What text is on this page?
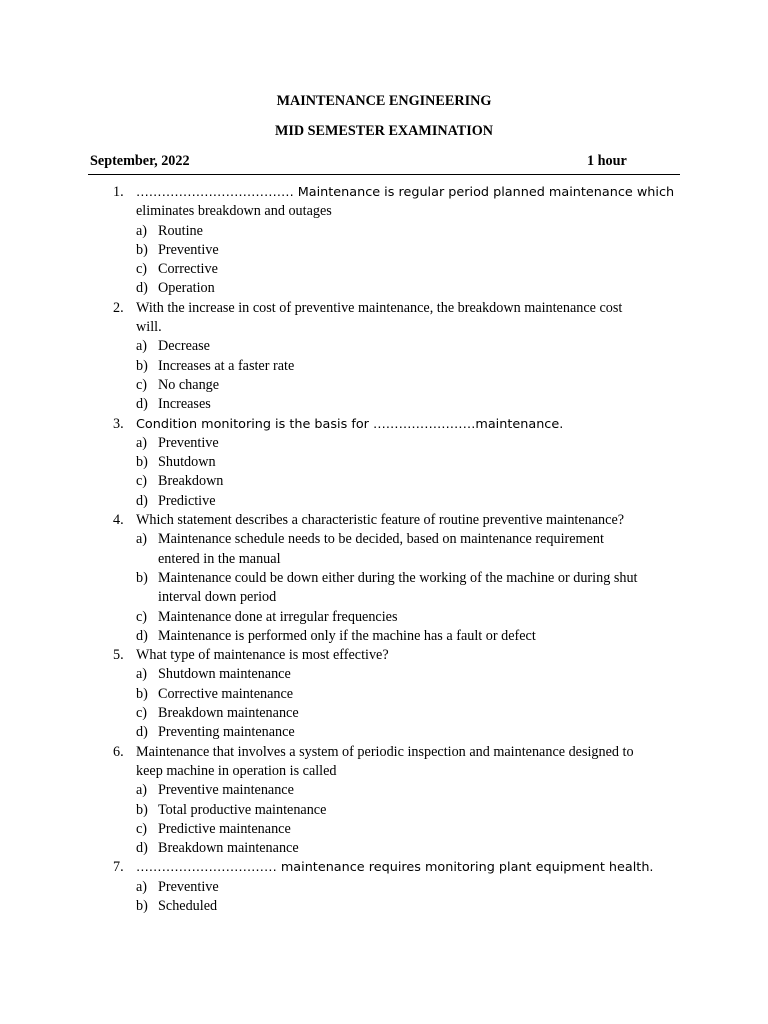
MAINTENANCE ENGINEERING
MID SEMESTER EXAMINATION
September, 2022	1 hour
1. ………………………………. Maintenance is regular period planned maintenance which
eliminates breakdown and outages
a) Routine
b) Preventive
c) Corrective
d) Operation
2. With the increase in cost of preventive maintenance, the breakdown maintenance cost
will.
a) Decrease
b) Increases at a faster rate
c) No change
d) Increases
3. Condition monitoring is the basis for ……………………maintenance.
a) Preventive
b) Shutdown
c) Breakdown
d) Predictive
4. Which statement describes a characteristic feature of routine preventive maintenance?
a) Maintenance schedule needs to be decided, based on maintenance requirement
entered in the manual
b) Maintenance could be down either during the working of the machine or during shut
interval down period
c) Maintenance done at irregular frequencies
d) Maintenance is performed only if the machine has a fault or defect
5. What type of maintenance is most effective?
a) Shutdown maintenance
b) Corrective maintenance
c) Breakdown maintenance
d) Preventing maintenance
6. Maintenance that involves a system of periodic inspection and maintenance designed to
keep machine in operation is called
a) Preventive maintenance
b) Total productive maintenance
c) Predictive maintenance
d) Breakdown maintenance
7. …………………………… maintenance requires monitoring plant equipment health.
a) Preventive
b) Scheduled
